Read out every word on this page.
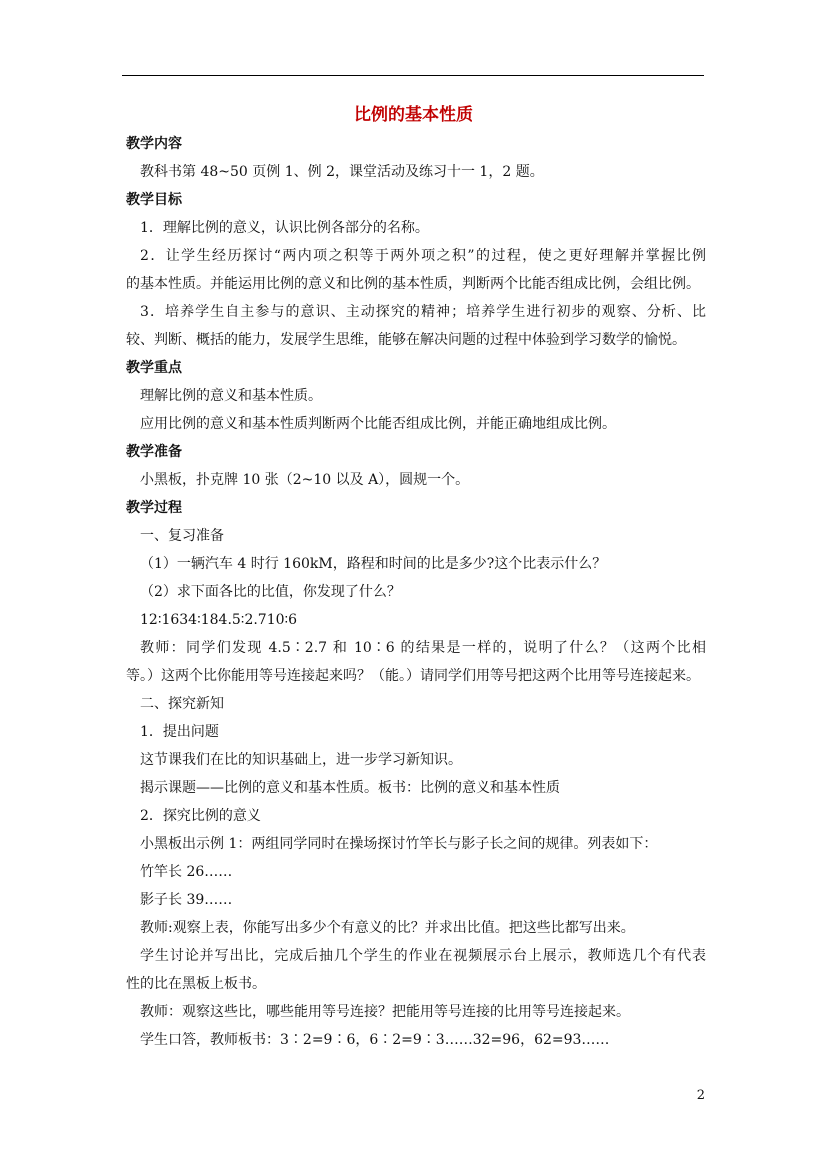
比例的基本性质
教学内容
教科书第 48~50 页例 1、例 2，课堂活动及练习十一 1，2 题。
教学目标
1．理解比例的意义，认识比例各部分的名称。
2．让学生经历探讨“两内项之积等于两外项之积”的过程，使之更好理解并掌握比例
的基本性质。并能运用比例的意义和比例的基本性质，判断两个比能否组成比例，会组比例。
3．培养学生自主参与的意识、主动探究的精神；培养学生进行初步的观察、分析、比
较、判断、概括的能力，发展学生思维，能够在解决问题的过程中体验到学习数学的愉悦。
教学重点
理解比例的意义和基本性质。
应用比例的意义和基本性质判断两个比能否组成比例，并能正确地组成比例。
教学准备
小黑板，扑克牌 10 张（2~10 以及 A），圆规一个。
教学过程
一、复习准备
（1）一辆汽车 4 时行 160kM，路程和时间的比是多少?这个比表示什么？
（2）求下面各比的比值，你发现了什么？
12∶1634∶184.5∶2.710∶6
教师：同学们发现 4.5∶2.7 和 10∶6 的结果是一样的，说明了什么？（这两个比相
等。）这两个比你能用等号连接起来吗？（能。）请同学们用等号把这两个比用等号连接起来。
二、探究新知
1．提出问题
这节课我们在比的知识基础上，进一步学习新知识。
揭示课题——比例的意义和基本性质。板书：比例的意义和基本性质
2．探究比例的意义
小黑板出示例 1：两组同学同时在操场探讨竹竿长与影子长之间的规律。列表如下：
竹竿长 26……
影子长 39……
教师:观察上表，你能写出多少个有意义的比？并求出比值。把这些比都写出来。
学生讨论并写出比，完成后抽几个学生的作业在视频展示台上展示，教师选几个有代表
性的比在黑板上板书。
教师：观察这些比，哪些能用等号连接？把能用等号连接的比用等号连接起来。
学生口答，教师板书：3∶2=9∶6，6∶2=9∶3……32=96，62=93……
2
